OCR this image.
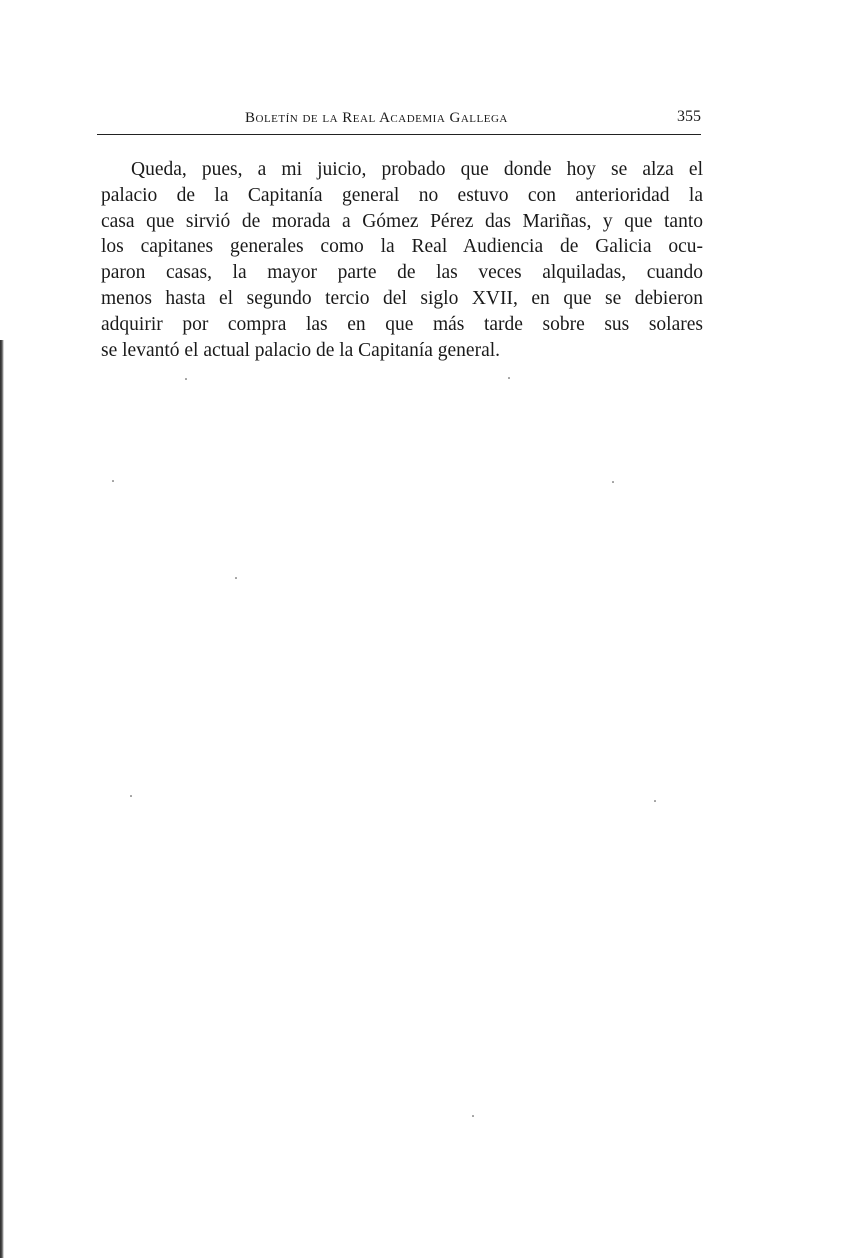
Boletín de la Real Academia Gallega	355
Queda, pues, a mi juicio, probado que donde hoy se alza el
palacio de la Capitanía general no estuvo con anterioridad la
casa que sirvió de morada a Gómez Pérez das Mariñas, y que tanto
los capitanes generales como la Real Audiencia de Galicia ocu-
paron casas, la mayor parte de las veces alquiladas, cuando
menos hasta el segundo tercio del siglo XVII, en que se debieron
adquirir por compra las en que más tarde sobre sus solares
se levantó el actual palacio de la Capitanía general.
